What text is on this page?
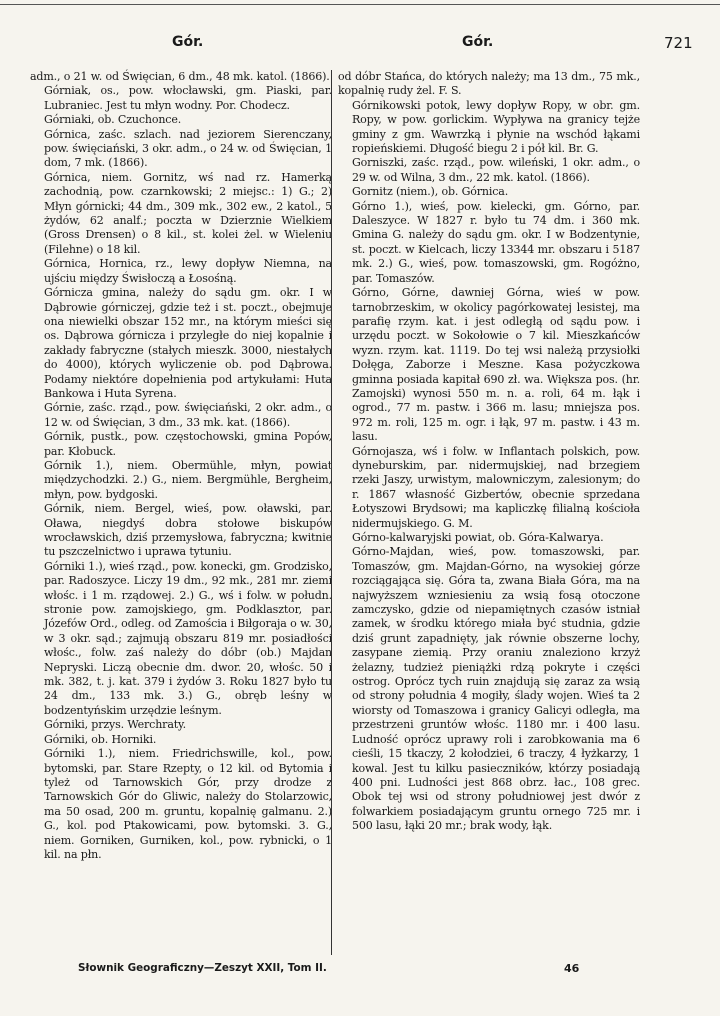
Gór.	Gór.	721

adm., o 21 w. od Święcian, 6 dm., 48 mk. katol. (1866).

Górniak, os., pow. włocławski, gm. Piaski, par. Lubraniec. Jest tu młyn wodny. Por. Chodecz.

Górniaki, ob. Czuchonce.

Górnica, zaśc. szlach. nad jeziorem Sierenczany, pow. święciański, 3 okr. adm., o 24 w. od Święcian, 1 dom, 7 mk. (1866).

Górnica, niem. Gornitz, wś nad rz. Hamerką zachodnią, pow. czarnkowski; 2 miejsc.: 1) G.; 2) Młyn górnicki; 44 dm., 309 mk., 302 ew., 2 katol., 5 żydów, 62 analf.; poczta w Dzierznie Wielkiem (Gross Drensen) o 8 kil., st. kolei żel. w Wieleniu (Filehne) o 18 kil.

Górnica, Hornica, rz., lewy dopływ Niemna, na ujściu między Świsłoczą a Łosośną.

Górnicza gmina, należy do sądu gm. okr. I w Dąbrowie górniczej, gdzie też i st. poczt., obejmuje ona niewielki obszar 152 mr., na którym mieści się os. Dąbrowa górnicza i przyległe do niej kopalnie i zakłady fabryczne (stałych mieszk. 3000, niestałych do 4000), których wyliczenie ob. pod Dąbrowa. Podamy niektóre dopełnienia pod artykułami: Huta Bankowa i Huta Syrena.

Górnie, zaśc. rząd., pow. święciański, 2 okr. adm., o 12 w. od Święcian, 3 dm., 33 mk. kat. (1866).

Górnik, pustk., pow. częstochowski, gmina Popów, par. Kłobuck.

Górnik 1.), niem. Obermühle, młyn, powiat międzychodzki. 2.) G., niem. Bergmühle, Bergheim, młyn, pow. bydgoski.

Górnik, niem. Bergel, wieś, pow. oławski, par. Oława, niegdyś dobra stołowe biskupów wrocławskich, dziś przemysłowa, fabryczna; kwitnie tu pszczelnictwo i uprawa tytuniu.

Górniki 1.), wieś rząd., pow. konecki, gm. Grodzisko, par. Radoszyce. Liczy 19 dm., 92 mk., 281 mr. ziemi włośc. i 1 m. rządowej. 2.) G., wś i folw. w połudn. stronie pow. zamojskiego, gm. Podklasztor, par. Józefów Ord., odleg. od Zamościa i Biłgoraja o w. 30, w 3 okr. sąd.; zajmują obszaru 819 mr. posiadłości włośc., folw. zaś należy do dóbr (ob.) Majdan Nepryski. Liczą obecnie dm. dwor. 20, włośc. 50 i mk. 382, t. j. kat. 379 i żydów 3. Roku 1827 było tu 24 dm., 133 mk. 3.) G., obręb leśny w bodzentyńskim urzędzie leśnym.

Górniki, przys. Werchraty.

Górniki, ob. Horniki.

Górniki 1.), niem. Friedrichswille, kol., pow. bytomski, par. Stare Rzepty, o 12 kil. od Bytomia i tyleż od Tarnowskich Gór, przy drodze z Tarnowskich Gór do Gliwic, należy do Stolarzowic, ma 50 osad, 200 m. gruntu, kopalnię galmanu. 2.) G., kol. pod Ptakowicami, pow. bytomski. 3. G., niem. Gorniken, Gurniken, kol., pow. rybnicki, o 1 kil. na płn.

od dóbr Stańca, do których należy; ma 13 dm., 75 mk., kopalnię rudy żel. F. S.

Górnikowski potok, lewy dopływ Ropy, w obr. gm. Ropy, w pow. gorlickim. Wypływa na granicy tejże gminy z gm. Wawrzką i płynie na wschód łąkami ropieńskiemi. Długość biegu 2 i pół kil. Br. G.

Gorniszki, zaśc. rząd., pow. wileński, 1 okr. adm., o 29 w. od Wilna, 3 dm., 22 mk. katol. (1866).

Gornitz (niem.), ob. Górnica.

Górno 1.), wieś, pow. kielecki, gm. Górno, par. Daleszyce. W 1827 r. było tu 74 dm. i 360 mk. Gmina G. należy do sądu gm. okr. I w Bodzentynie, st. poczt. w Kielcach, liczy 13344 mr. obszaru i 5187 mk. 2.) G., wieś, pow. tomaszowski, gm. Rogóżno, par. Tomaszów.

Górno, Górne, dawniej Górna, wieś w pow. tarnobrzeskim, w okolicy pagórkowatej lesistej, ma parafię rzym. kat. i jest odległą od sądu pow. i urzędu poczt. w Sokołowie o 7 kil. Mieszkańców wyzn. rzym. kat. 1119. Do tej wsi należą przysiołki Dołęga, Zaborze i Meszne. Kasa pożyczkowa gminna posiada kapitał 690 zł. wa. Większa pos. (hr. Zamojski) wynosi 550 m. n. a. roli, 64 m. łąk i ogrod., 77 m. pastw. i 366 m. lasu; mniejsza pos. 972 m. roli, 125 m. ogr. i łąk, 97 m. pastw. i 43 m. lasu.

Górnojasza, wś i folw. w Inflantach polskich, pow. dyneburskim, par. nidermujskiej, nad brzegiem rzeki Jaszy, urwistym, malowniczym, zalesionym; do r. 1867 własność Gizbertów, obecnie sprzedana Łotyszowi Brydsowi; ma kapliczkę filialną kościoła nidermujskiego. G. M.

Górno-kalwaryjski powiat, ob. Góra-Kalwarya.

Górno-Majdan, wieś, pow. tomaszowski, par. Tomaszów, gm. Majdan-Górno, na wysokiej górze rozciągająca się. Góra ta, zwana Biała Góra, ma na najwyższem wzniesieniu za wsią fosą otoczone zamczysko, gdzie od niepamiętnych czasów istniał zamek, w środku którego miała być studnia, gdzie dziś grunt zapadnięty, jak równie obszerne lochy, zasypane ziemią. Przy oraniu znaleziono krzyż żelazny, tudzież pieniążki rdzą pokryte i części ostrog. Oprócz tych ruin znajdują się zaraz za wsią od strony południa 4 mogiły, ślady wojen. Wieś ta 2 wiorsty od Tomaszowa i granicy Galicyi odległa, ma przestrzeni gruntów włośc. 1180 mr. i 400 lasu. Ludność oprócz uprawy roli i zarobkowania ma 6 cieśli, 15 tkaczy, 2 kołodziei, 6 traczy, 4 łyżkarzy, 1 kowal. Jest tu kilku pasieczników, którzy posiadają 400 pni. Ludności jest 868 obrz. łac., 108 grec. Obok tej wsi od strony południowej jest dwór z folwarkiem posiadającym gruntu ornego 725 mr. i 500 lasu, łąki 20 mr.; brak wody, łąk.

Słownik Geograficzny—Zeszyt XXII, Tom II.	46
